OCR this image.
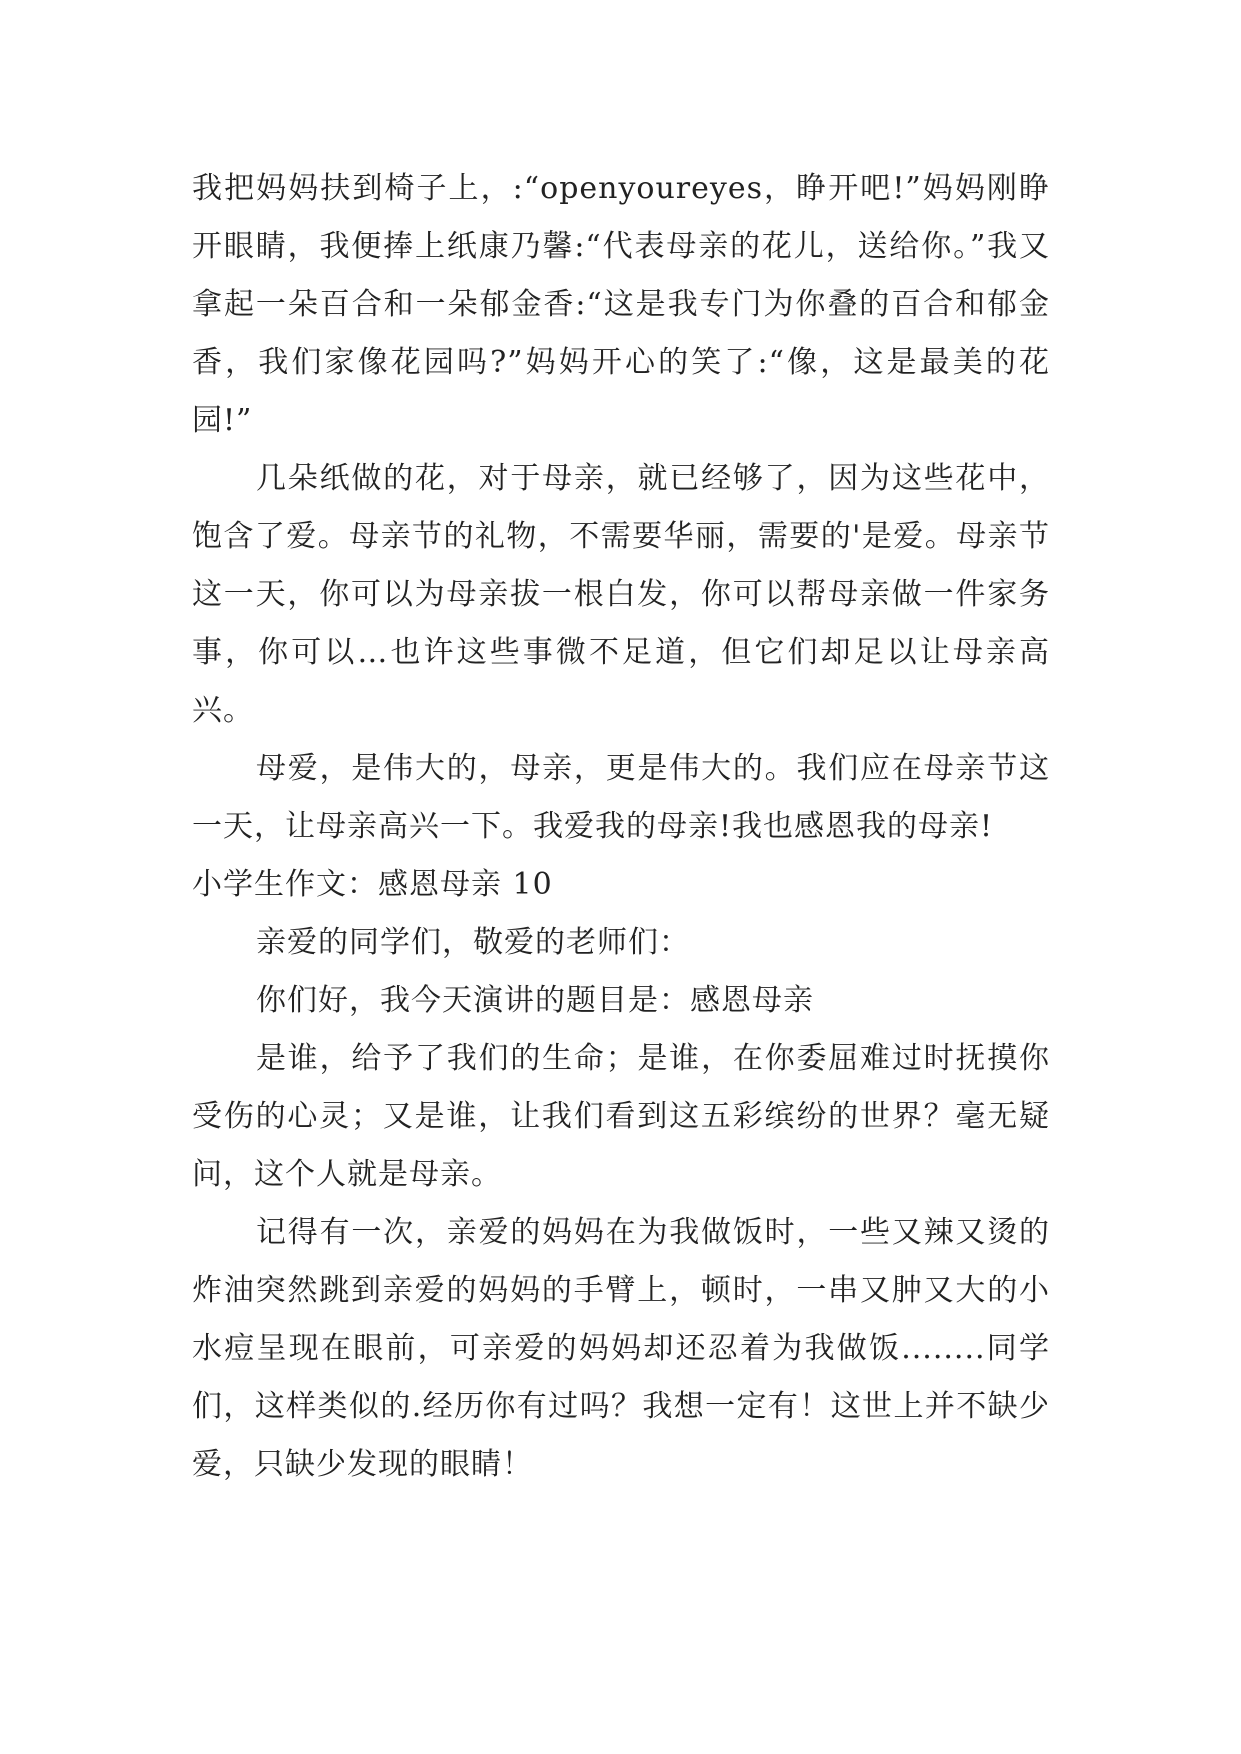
我把妈妈扶到椅子上，:“openyoureyes，睁开吧!”妈妈刚睁开眼睛，我便捧上纸康乃馨:“代表母亲的花儿，送给你。”我又拿起一朵百合和一朵郁金香:“这是我专门为你叠的百合和郁金香，我们家像花园吗?”妈妈开心的笑了:“像，这是最美的花园!”

几朵纸做的花，对于母亲，就已经够了，因为这些花中，饱含了爱。母亲节的礼物，不需要华丽，需要的'是爱。母亲节这一天，你可以为母亲拔一根白发，你可以帮母亲做一件家务事，你可以…也许这些事微不足道，但它们却足以让母亲高兴。

母爱，是伟大的，母亲，更是伟大的。我们应在母亲节这一天，让母亲高兴一下。我爱我的母亲!我也感恩我的母亲!

小学生作文：感恩母亲 10

亲爱的同学们，敬爱的老师们：

你们好，我今天演讲的题目是：感恩母亲

是谁，给予了我们的生命；是谁，在你委屈难过时抚摸你受伤的心灵；又是谁，让我们看到这五彩缤纷的世界？毫无疑问，这个人就是母亲。

记得有一次，亲爱的妈妈在为我做饭时，一些又辣又烫的炸油突然跳到亲爱的妈妈的手臂上，顿时，一串又肿又大的小水痘呈现在眼前，可亲爱的妈妈却还忍着为我做饭........同学们，这样类似的.经历你有过吗？我想一定有！这世上并不缺少爱，只缺少发现的眼睛！
